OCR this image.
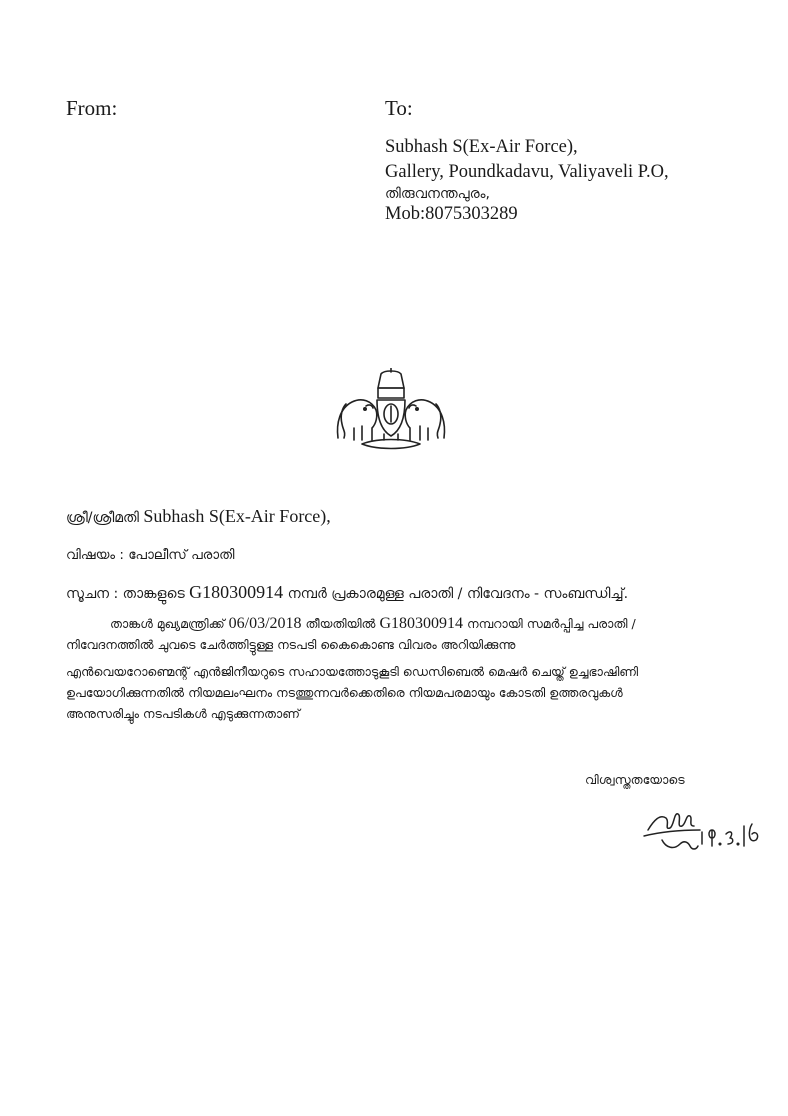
From:	To:
Subhash S(Ex-Air Force),
Gallery, Poundkadavu, Valiyaveli P.O,
തിരുവനന്തപുരം,
Mob:8075303289
ശ്രീ/ശ്രീമതി Subhash S(Ex-Air Force),
വിഷയം : പോലീസ് പരാതി
സൂചന : താങ്കളുടെ G180300914 നമ്പർ പ്രകാരമുള്ള പരാതി / നിവേദനം - സംബന്ധിച്ച്.
താങ്കൾ മുഖ്യമന്ത്രിക്ക് 06/03/2018 തീയതിയിൽ G180300914 നമ്പറായി സമർപ്പിച്ച പരാതി /
നിവേദനത്തിൽ ചുവടെ ചേർത്തിട്ടുള്ള നടപടി കൈകൊണ്ട വിവരം അറിയിക്കുന്നു
എൻവെയറോണ്മെന്റ് എൻജിനീയറുടെ സഹായത്തോടുകൂടി ഡെസിബെൽ മെഷർ ചെയ്ത് ഉച്ചഭാഷിണി
ഉപയോഗിക്കുന്നതിൽ നിയമലംഘനം നടത്തുന്നവർക്കെതിരെ നിയമപരമായും കോടതി ഉത്തരവുകൾ
അനുസരിച്ചും നടപടികൾ എടുക്കുന്നതാണ്
വിശ്വസ്തതയോടെ
